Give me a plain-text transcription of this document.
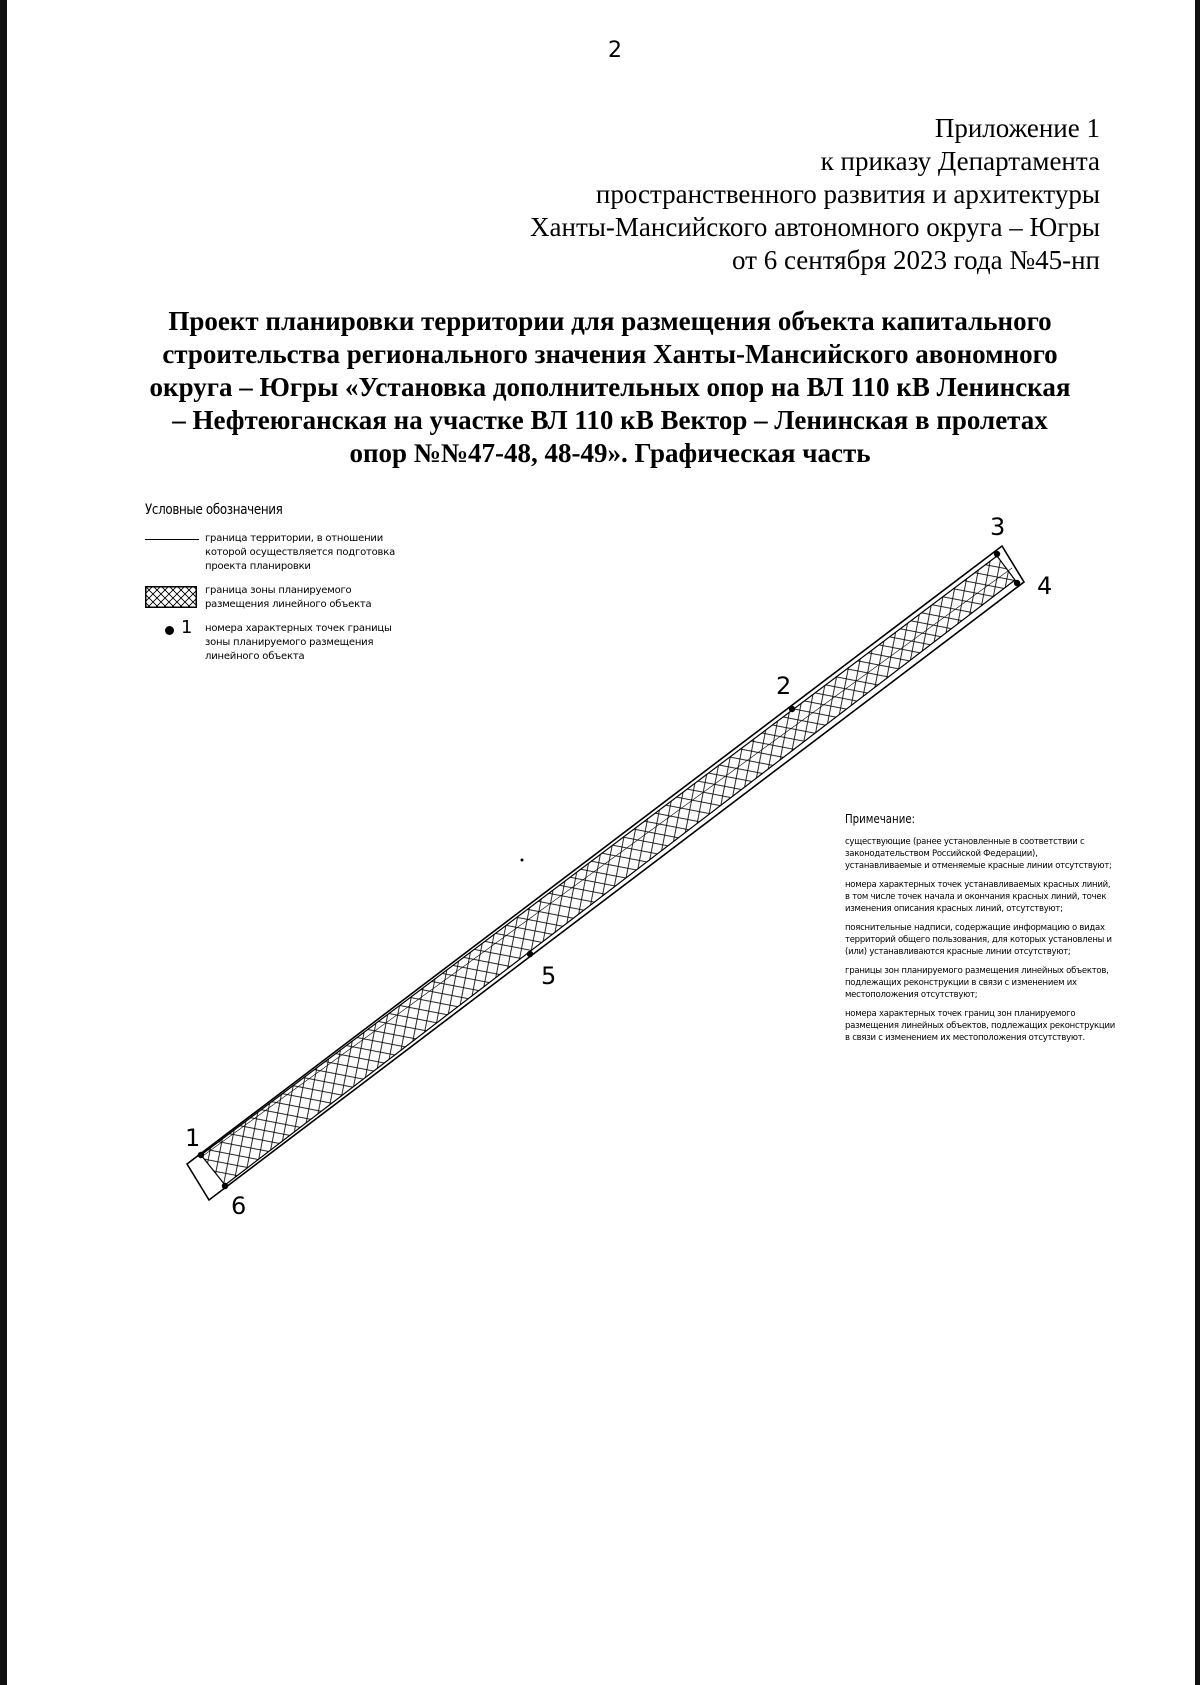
2
Приложение 1
к приказу Департамента
пространственного развития и архитектуры
Ханты-Мансийского автономного округа – Югры
от 6 сентября 2023 года №45-нп
Проект планировки территории для размещения объекта капитального
строительства регионального значения Ханты-Мансийского авономного
округа – Югры «Установка дополнительных опор на ВЛ 110 кВ Ленинская
– Нефтеюганская на участке ВЛ 110 кВ Вектор – Ленинская в пролетах
опор №№47-48, 48-49». Графическая часть
Условные обозначения
граница территории, в отношении которой осуществляется подготовка проекта планировки
граница зоны планируемого размещения линейного объекта
1 номера характерных точек границы зоны планируемого размещения линейного объекта
1
2
3
4
5
6
Примечание:
существующие (ранее установленные в соответствии с законодательством Российской Федерации), устанавливаемые и отменяемые красные линии отсутствуют;
номера характерных точек устанавливаемых красных линий, в том числе точек начала и окончания красных линий, точек изменения описания красных линий, отсутствуют;
пояснительные надписи, содержащие информацию о видах территорий общего пользования, для которых установлены и (или) устанавливаются красные линии отсутствуют;
границы зон планируемого размещения линейных объектов, подлежащих реконструкции в связи с изменением их местоположения отсутствуют;
номера характерных точек границ зон планируемого размещения линейных объектов, подлежащих реконструкции в связи с изменением их местоположения отсутствуют.
